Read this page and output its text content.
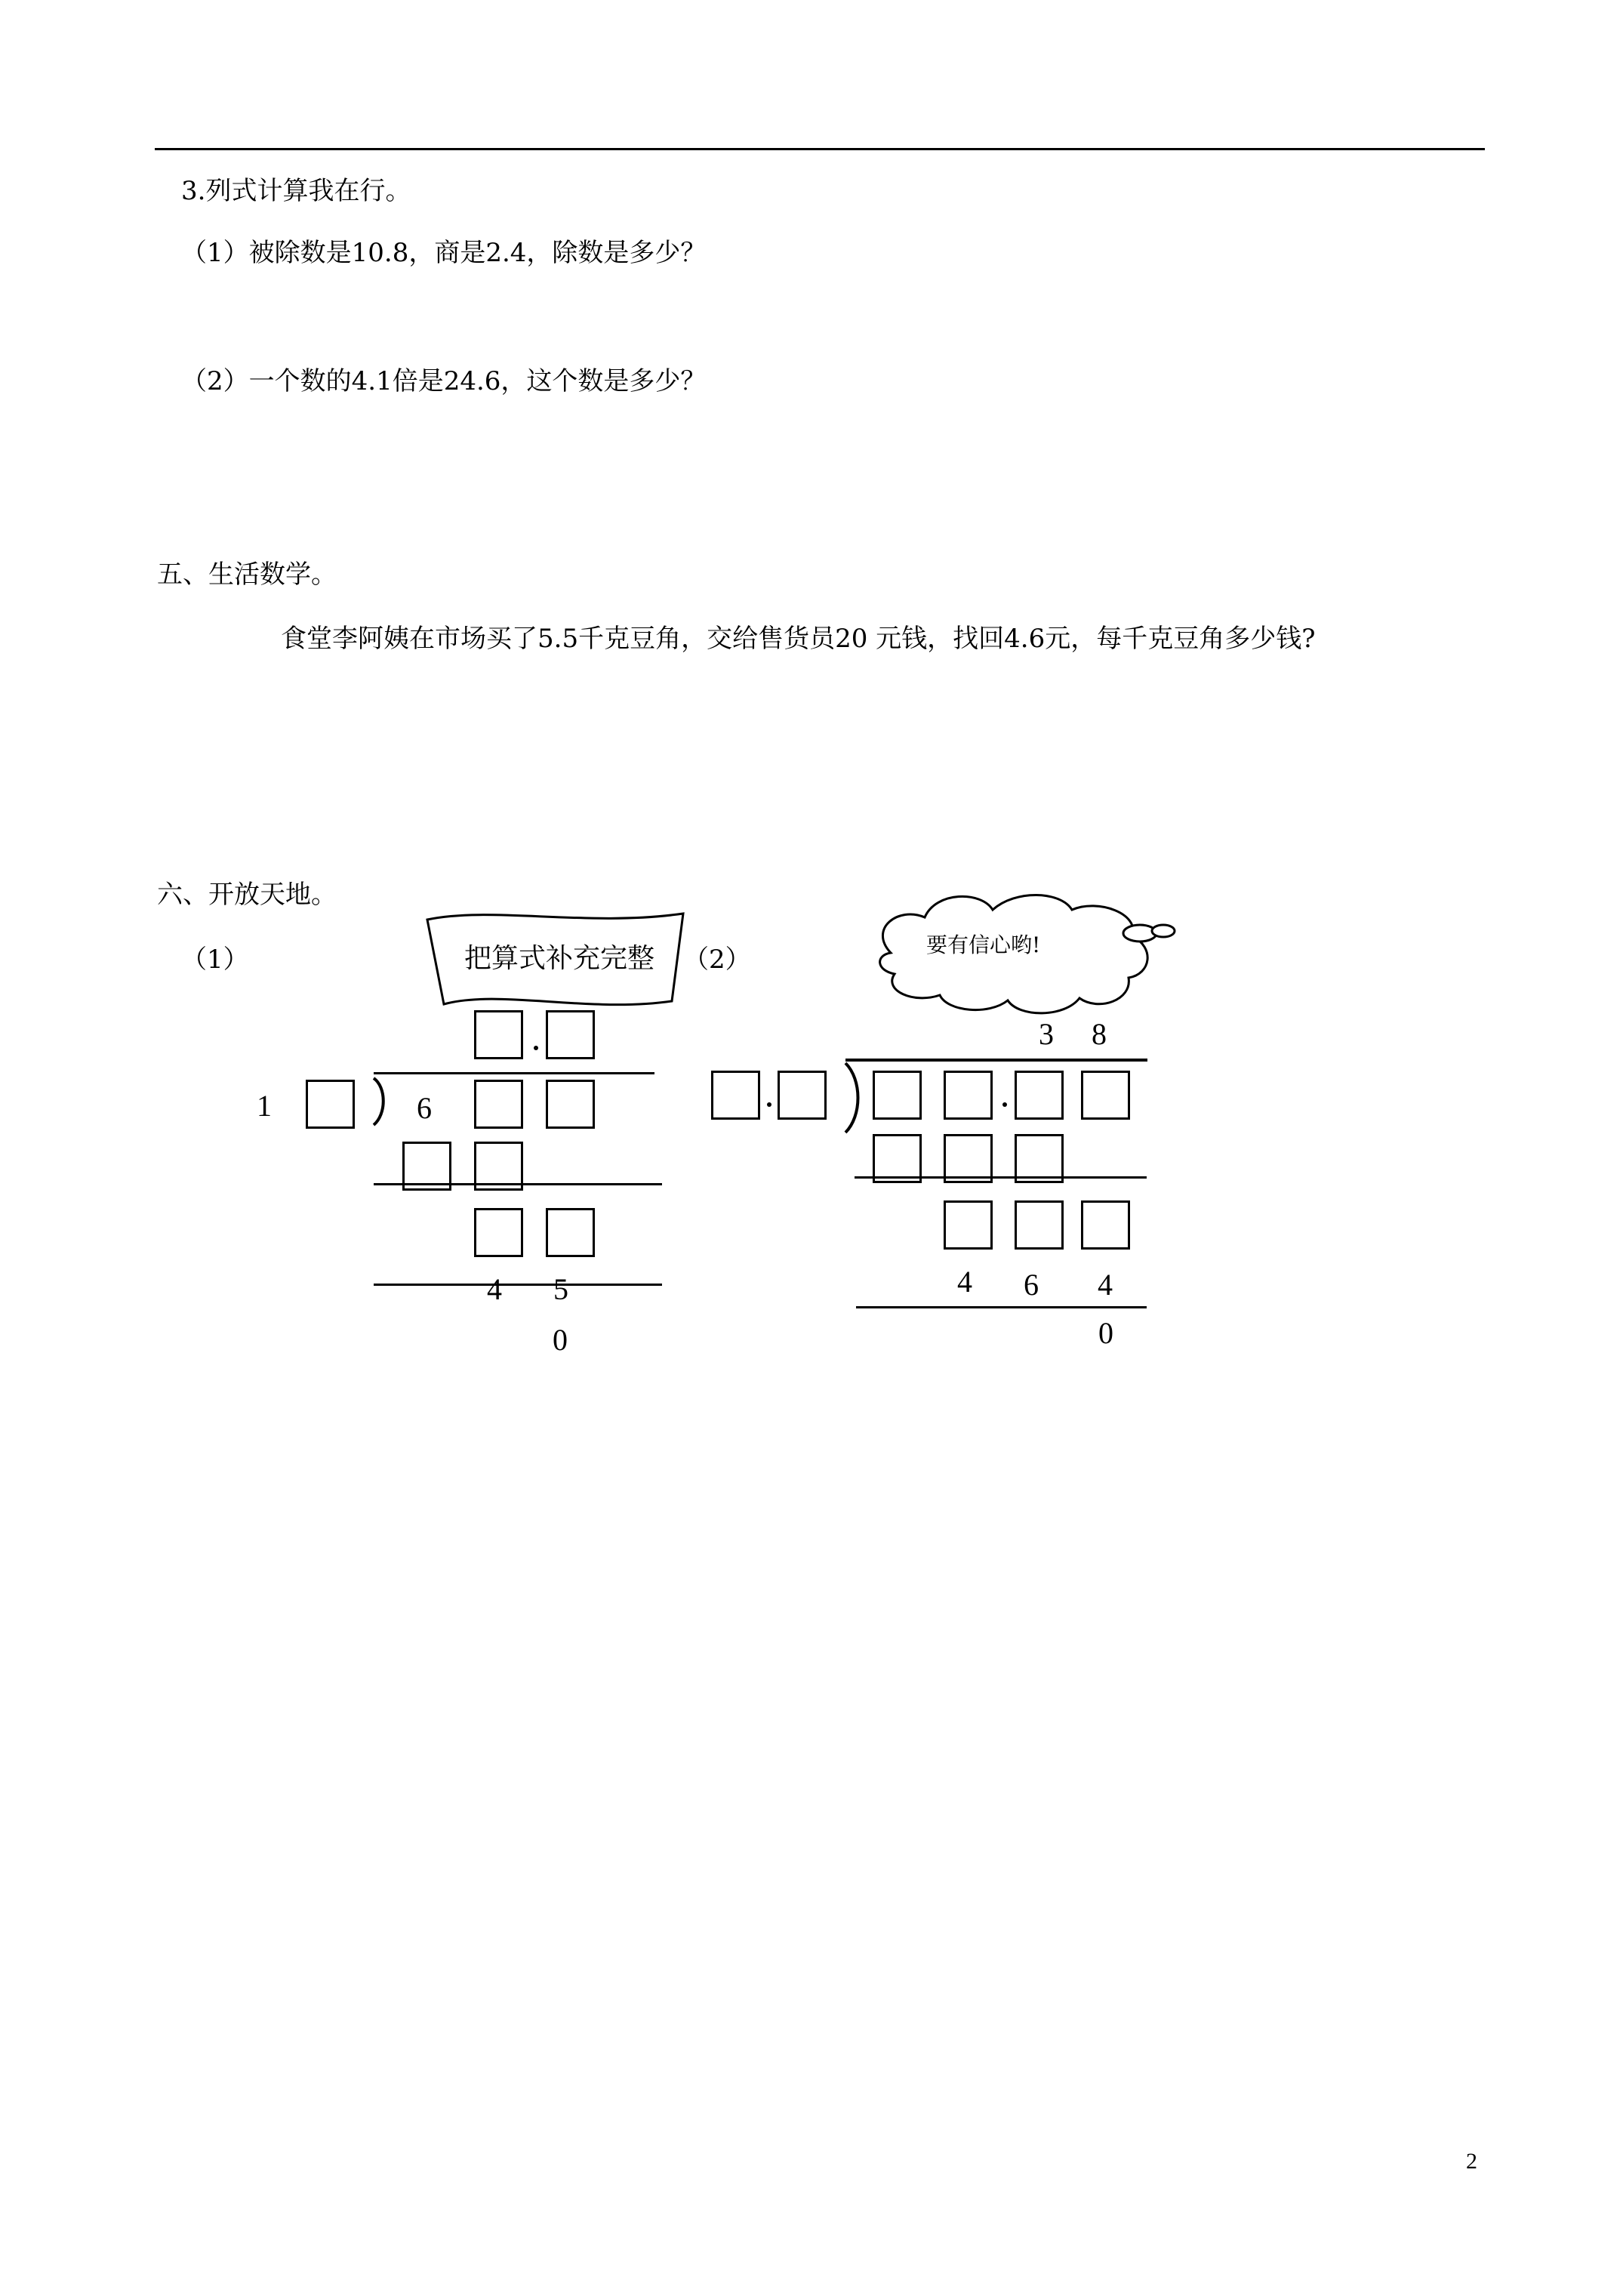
3.列式计算我在行。
（1）被除数是10.8，商是2.4，除数是多少？
（2）一个数的4.1倍是24.6，这个数是多少？
五、生活数学。
食堂李阿姨在市场买了5.5千克豆角，交给售货员20 元钱，找回4.6元，每千克豆角多少钱?
六、开放天地。
（1）	（2）
把算式补充完整	要有信心哟!
1	6
4 5
0
3 8
4 6 4
0
2
